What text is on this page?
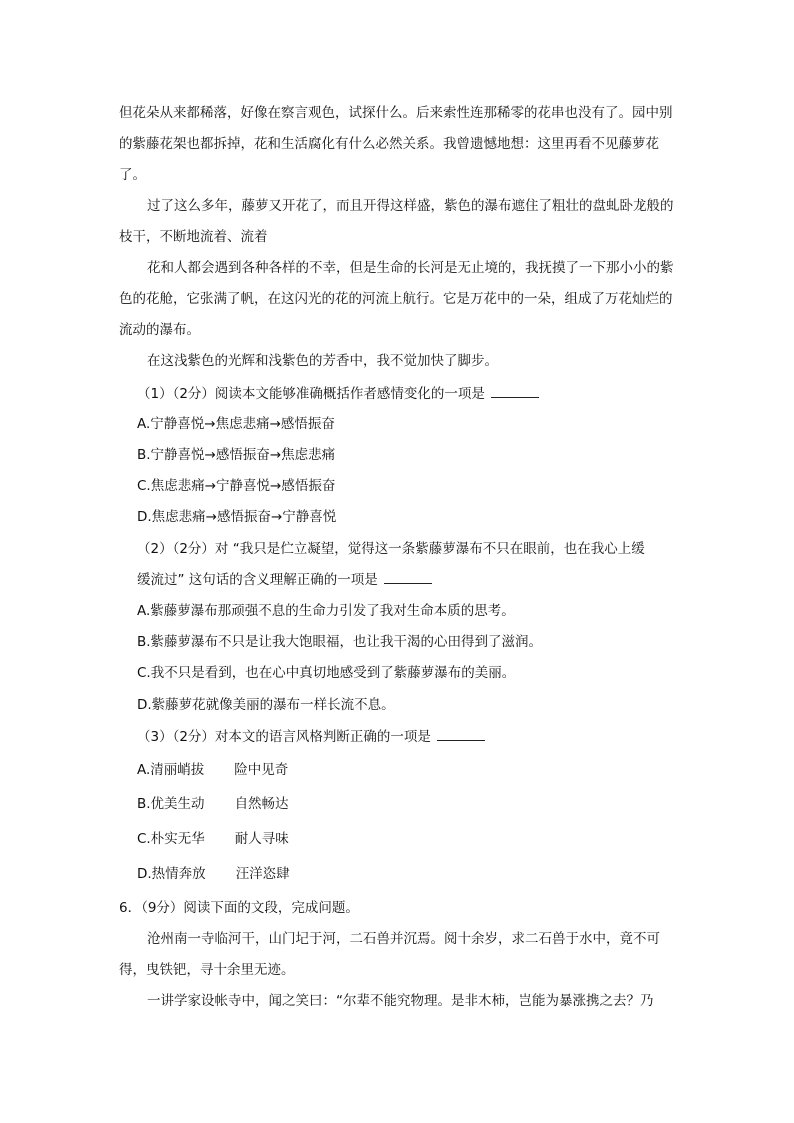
但花朵从来都稀落，好像在察言观色，试探什么。后来索性连那稀零的花串也没有了。园中别的紫藤花架也都拆掉，花和生活腐化有什么必然关系。我曾遗憾地想：这里再看不见藤萝花了。

过了这么多年，藤萝又开花了，而且开得这样盛，紫色的瀑布遮住了粗壮的盘虬卧龙般的枝干，不断地流着、流着

花和人都会遇到各种各样的不幸，但是生命的长河是无止境的，我抚摸了一下那小小的紫色的花舱，它张满了帆，在这闪光的花的河流上航行。它是万花中的一朵，组成了万花灿烂的流动的瀑布。

在这浅紫色的光辉和浅紫色的芳香中，我不觉加快了脚步。

（1）（2分）阅读本文能够准确概括作者感情变化的一项是

A.宁静喜悦→焦虑悲痛→感悟振奋

B.宁静喜悦→感悟振奋→焦虑悲痛

C.焦虑悲痛→宁静喜悦→感悟振奋

D.焦虑悲痛→感悟振奋→宁静喜悦

（2）（2分）对 “我只是伫立凝望，觉得这一条紫藤萝瀑布不只在眼前，也在我心上缓

缓流过” 这句话的含义理解正确的一项是

A.紫藤萝瀑布那顽强不息的生命力引发了我对生命本质的思考。

B.紫藤萝瀑布不只是让我大饱眼福，也让我干渴的心田得到了滋润。

C.我不只是看到，也在心中真切地感受到了紫藤萝瀑布的美丽。

D.紫藤萝花就像美丽的瀑布一样长流不息。

（3）（2分）对本文的语言风格判断正确的一项是

A.清丽峭拔 险中见奇

B.优美生动 自然畅达

C.朴实无华 耐人寻味

D.热情奔放 汪洋恣肆

6．（9分）阅读下面的文段，完成问题。

沧州南一寺临河干，山门圮于河，二石兽并沉焉。阅十余岁，求二石兽于水中，竟不可得，曳铁钯，寻十余里无迹。

一讲学家设帐寺中，闻之笑曰：“尔辈不能究物理。是非木柿，岂能为暴涨携之去？乃
